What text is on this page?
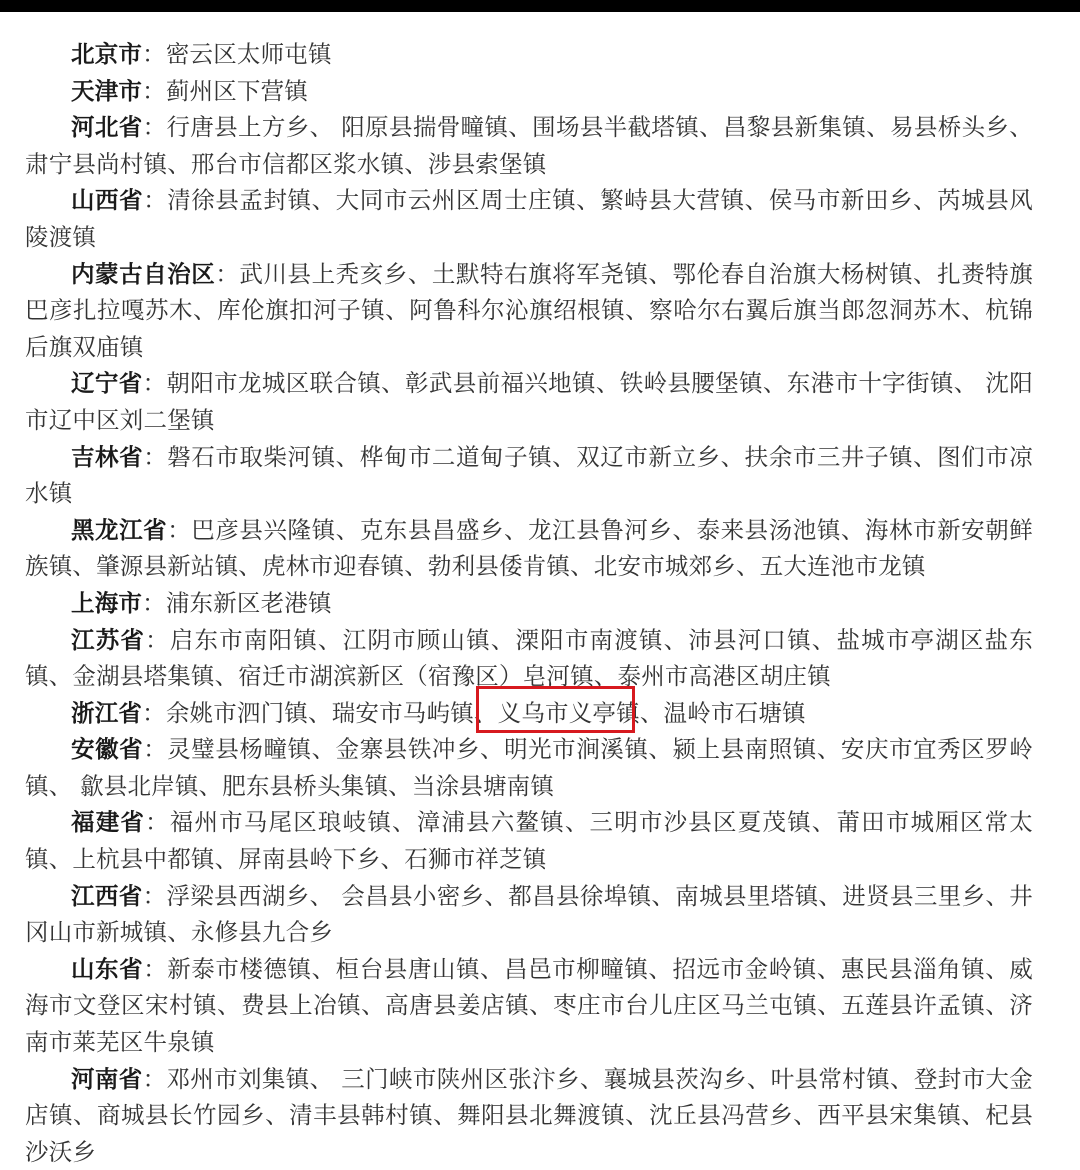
北京市：密云区太师屯镇

天津市：蓟州区下营镇

河北省：行唐县上方乡、 阳原县揣骨疃镇、围场县半截塔镇、昌黎县新集镇、易县桥头乡、肃宁县尚村镇、邢台市信都区浆水镇、涉县索堡镇

山西省：清徐县孟封镇、大同市云州区周士庄镇、繁峙县大营镇、侯马市新田乡、芮城县风陵渡镇

内蒙古自治区：武川县上秃亥乡、土默特右旗将军尧镇、鄂伦春自治旗大杨树镇、扎赉特旗巴彦扎拉嘎苏木、库伦旗扣河子镇、阿鲁科尔沁旗绍根镇、察哈尔右翼后旗当郎忽洞苏木、杭锦后旗双庙镇

辽宁省：朝阳市龙城区联合镇、彰武县前福兴地镇、铁岭县腰堡镇、东港市十字街镇、 沈阳市辽中区刘二堡镇

吉林省：磐石市取柴河镇、桦甸市二道甸子镇、双辽市新立乡、扶余市三井子镇、图们市凉水镇

黑龙江省：巴彦县兴隆镇、克东县昌盛乡、龙江县鲁河乡、泰来县汤池镇、海林市新安朝鲜族镇、肇源县新站镇、虎林市迎春镇、勃利县倭肯镇、北安市城郊乡、五大连池市龙镇

上海市：浦东新区老港镇

江苏省：启东市南阳镇、江阴市顾山镇、溧阳市南渡镇、沛县河口镇、盐城市亭湖区盐东镇、金湖县塔集镇、宿迁市湖滨新区（宿豫区）皂河镇、泰州市高港区胡庄镇

浙江省：余姚市泗门镇、瑞安市马屿镇、义乌市义亭镇、温岭市石塘镇

安徽省：灵璧县杨疃镇、金寨县铁冲乡、明光市涧溪镇、颍上县南照镇、安庆市宜秀区罗岭镇、 歙县北岸镇、肥东县桥头集镇、当涂县塘南镇

福建省：福州市马尾区琅岐镇、漳浦县六鳌镇、三明市沙县区夏茂镇、莆田市城厢区常太镇、上杭县中都镇、屏南县岭下乡、石狮市祥芝镇

江西省：浮梁县西湖乡、 会昌县小密乡、都昌县徐埠镇、南城县里塔镇、进贤县三里乡、井冈山市新城镇、永修县九合乡

山东省：新泰市楼德镇、桓台县唐山镇、昌邑市柳疃镇、招远市金岭镇、惠民县淄角镇、威海市文登区宋村镇、费县上冶镇、高唐县姜店镇、枣庄市台儿庄区马兰屯镇、五莲县许孟镇、济南市莱芜区牛泉镇

河南省：邓州市刘集镇、 三门峡市陕州区张汴乡、襄城县茨沟乡、叶县常村镇、登封市大金店镇、商城县长竹园乡、清丰县韩村镇、舞阳县北舞渡镇、沈丘县冯营乡、西平县宋集镇、杞县沙沃乡
